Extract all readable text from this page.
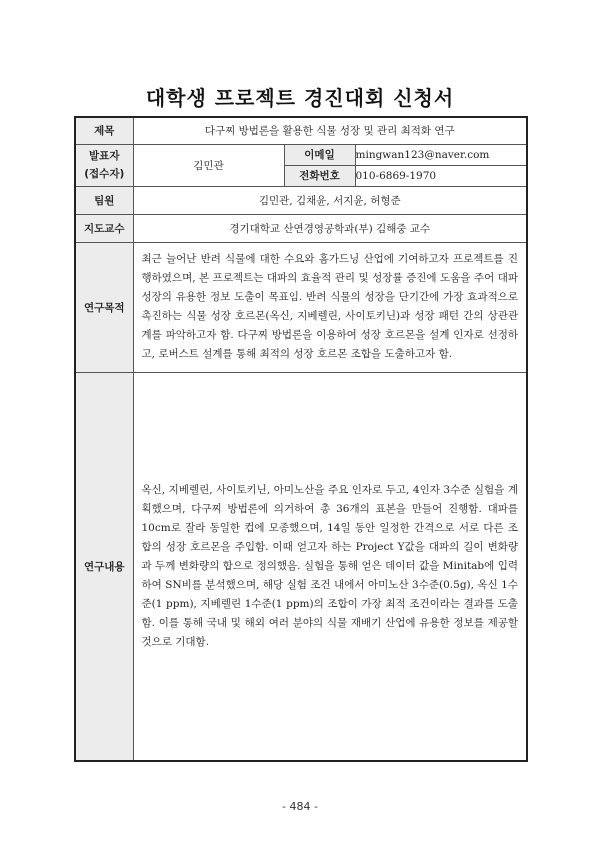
대학생 프로젝트 경진대회 신청서
제목	다구찌 방법론을 활용한 식물 성장 및 관리 최적화 연구		

발표자
(접수자)	김민관	이메일	mingwan123@naver.com
		전화번호	010-6869-1970
팀원	김민관, 김채윤, 서지윤, 허형준		
지도교수	경기대학교 산연경영공학과(부) 김해중 교수		
연구목적	최근 늘어난 반려 식물에 대한 수요와 홈가드닝 산업에 기여하고자 프로젝트를 진행하였으며, 본 프로젝트는 대파의 효율적 관리 및 성장률 증진에 도움을 주어 대파 성장의 유용한 정보 도출이 목표임. 반려 식물의 성장을 단기간에 가장 효과적으로 촉진하는 식물 성장 호르몬(옥신, 지베렐린, 사이토키닌)과 성장 패턴 간의 상관관계를 파악하고자 함. 다구찌 방법론을 이용하여 성장 호르몬을 설계 인자로 선정하고, 로버스트 설계를 통해 최적의 성장 호르몬 조합을 도출하고자 함.		

연구내용	옥신, 지베렐린, 사이토키닌, 아미노산을 주요 인자로 두고, 4인자 3수준 실험을 계획했으며, 다구찌 방법론에 의거하여 총 36개의 표본을 만들어 진행함. 대파를 10cm로 잘라 동일한 컵에 모종했으며, 14일 동안 일정한 간격으로 서로 다른 조합의 성장 호르몬을 주입함. 이때 얻고자 하는 Project Y값을 대파의 길이 변화량과 두께 변화량의 합으로 정의했음. 실험을 통해 얻은 데이터 값을 Minitab에 입력하여 SN비를 분석했으며, 해당 실험 조건 내에서 아미노산 3수준(0.5g), 옥신 1수준(1 ppm), 지베렐린 1수준(1 ppm)의 조합이 가장 최적 조건이라는 결과를 도출함. 이를 통해 국내 및 해외 여러 분야의 식물 재배기 산업에 유용한 정보를 제공할 것으로 기대함.		
- 484 -
